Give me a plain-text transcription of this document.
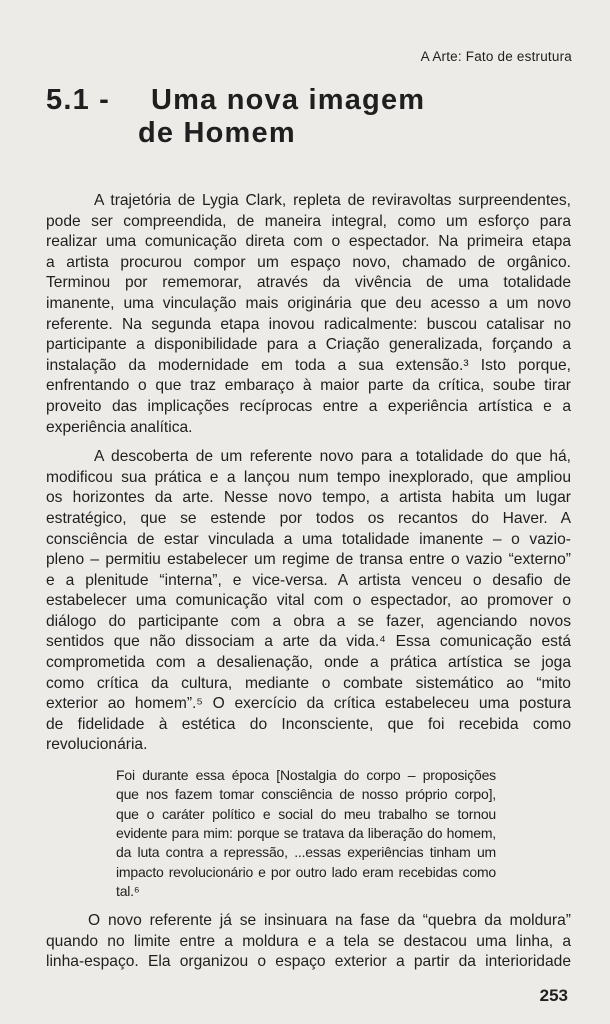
A Arte: Fato de estrutura
5.1 - Uma nova imagem
de Homem
A trajetória de Lygia Clark, repleta de reviravoltas surpreendentes,
pode ser compreendida, de maneira integral, como um esforço para
realizar uma comunicação direta com o espectador. Na primeira etapa
a artista procurou compor um espaço novo, chamado de orgânico.
Terminou por rememorar, através da vivência de uma totalidade
imanente, uma vinculação mais originária que deu acesso a um novo
referente. Na segunda etapa inovou radicalmente: buscou catalisar no
participante a disponibilidade para a Criação generalizada, forçando a
instalação da modernidade em toda a sua extensão.³ Isto porque,
enfrentando o que traz embaraço à maior parte da crítica, soube tirar
proveito das implicações recíprocas entre a experiência artística e a
experiência analítica.
A descoberta de um referente novo para a totalidade do que há,
modificou sua prática e a lançou num tempo inexplorado, que ampliou
os horizontes da arte. Nesse novo tempo, a artista habita um lugar
estratégico, que se estende por todos os recantos do Haver. A
consciência de estar vinculada a uma totalidade imanente – o vazio-
pleno – permitiu estabelecer um regime de transa entre o vazio “externo”
e a plenitude “interna”, e vice-versa. A artista venceu o desafio de
estabelecer uma comunicação vital com o espectador, ao promover o
diálogo do participante com a obra a se fazer, agenciando novos
sentidos que não dissociam a arte da vida.⁴ Essa comunicação está
comprometida com a desalienação, onde a prática artística se joga
como crítica da cultura, mediante o combate sistemático ao “mito
exterior ao homem”.⁵ O exercício da crítica estabeleceu uma postura
de fidelidade à estética do Inconsciente, que foi recebida como
revolucionária.
Foi durante essa época [Nostalgia do corpo – proposições
que nos fazem tomar consciência de nosso próprio corpo],
que o caráter político e social do meu trabalho se tornou
evidente para mim: porque se tratava da liberação do homem,
da luta contra a repressão, ...essas experiências tinham um
impacto revolucionário e por outro lado eram recebidas como
tal.⁶
O novo referente já se insinuara na fase da “quebra da moldura”
quando no limite entre a moldura e a tela se destacou uma linha, a
linha-espaço. Ela organizou o espaço exterior a partir da interioridade
253
